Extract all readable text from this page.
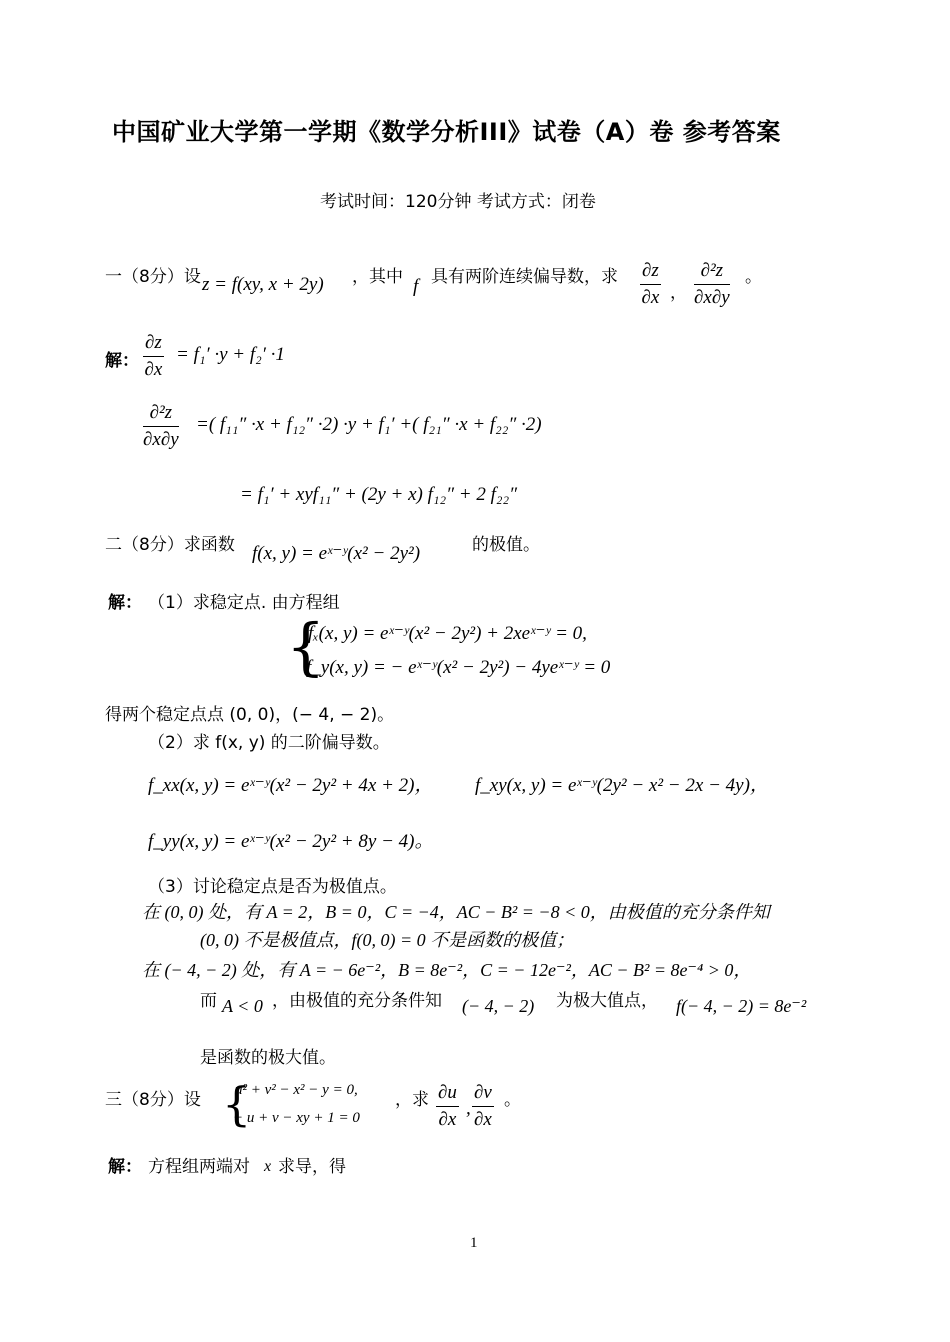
中国矿业大学第一学期《数学分析III》试卷（A）卷 参考答案
考试时间：120分钟 考试方式：闭卷
一（8分）设 z = f(xy, x + 2y) ，其中 f 具有两阶连续偏导数，求 $\frac{\partial z}{\partial x}$ ， $\frac{\text{∂²z}}{\partial x\partial y}$ 。
解： $\frac{\partial z}{\partial x} = f_1' \cdot y + f_2' \cdot 1$
$\frac{\text{∂²z}}{\partial x\partial y}$ =( f₁₁″ ·x + f₁₂″ ·2) ·y + f₁′ +( f₂₁″ ·x + f₂₂″ ·2)
= f₁′ + xyf₁₁″ + (2y + x) f₁₂″ + 2 f₂₂″
二（8分）求函数 f(x, y) = eˣ⁻ʸ(x² − 2y²)	的极值。
解： （1）求稳定点. 由方程组
{
fₓ(x, y) = eˣ⁻ʸ(x² − 2y²) + 2xeˣ⁻ʸ = 0,
f_y(x, y) = − eˣ⁻ʸ(x² − 2y²) − 4yeˣ⁻ʸ = 0
得两个稳定点点 (0, 0)，(− 4, − 2)。
（2）求 f(x, y) 的二阶偏导数。
f_xx(x, y) = eˣ⁻ʸ(x² − 2y² + 4x + 2)， f_xy(x, y) = eˣ⁻ʸ(2y² − x² − 2x − 4y)，
f_yy(x, y) = eˣ⁻ʸ(x² − 2y² + 8y − 4)。
（3）讨论稳定点是否为极值点。
在 (0, 0) 处，有 A = 2，B = 0，C = −4，AC − B² = −8 < 0，由极值的充分条件知
(0, 0) 不是极值点，f(0, 0) = 0 不是函数的极值；
在 (− 4, − 2) 处，有 A = − 6e⁻²，B = 8e⁻²，C = − 12e⁻²，AC − B² = 8e⁻⁴ > 0，
而 A < 0 ，由极值的充分条件知 (− 4, − 2) 为极大值点， f(− 4, − 2) = 8e⁻²
是函数的极大值。
三（8分）设 {
u² + v² − x² − y = 0,
− u + v − xy + 1 = 0
，求 $\frac{\partial u}{\partial x}$ , $\frac{\partial v}{\partial x}$ 。
解： 方程组两端对 x 求导，得
1
